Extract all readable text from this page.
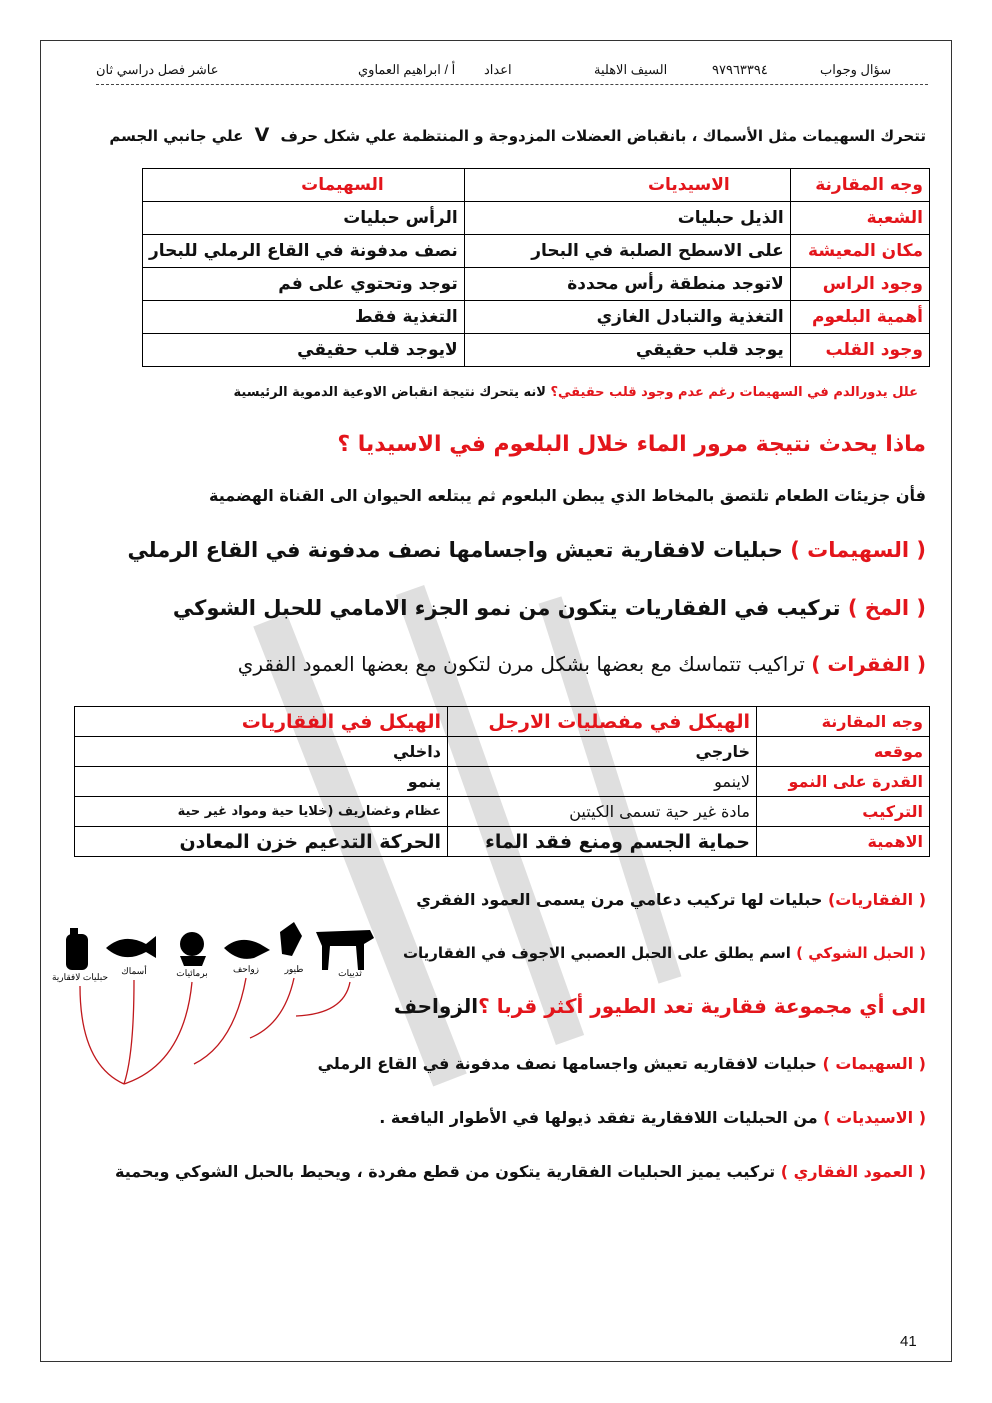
سؤال وجواب
٩٧٩٦٣٣٩٤
السيف الاهلية
اعداد
أ / ابراهيم العماوي
عاشر فصل دراسي ثان
تتحرك السهيمات مثل الأسماك ، بانقباض العضلات المزدوجة و المنتظمة علي شكل حرف V علي جانبي الجسم
وجه المقارنة	الاسيديات	السهيمات
الشعبة	الذيل حبليات	الرأس حبليات
مكان المعيشة	على الاسطح الصلبة في البحار	نصف مدفونة في القاع الرملي للبحار
وجود الراس	لاتوجد منطقة رأس محددة	توجد وتحتوي على فم
أهمية البلعوم	التغذية والتبادل الغازي	التغذية فقط
وجود القلب	يوجد قلب حقيقي	لايوجد قلب حقيقي
علل يدورالدم في السهيمات رغم عدم وجود قلب حقيقي؟ لانه يتحرك نتيجة انقباض الاوعية الدموية الرئيسية
ماذا يحدث نتيجة مرور الماء خلال البلعوم في الاسيديا ؟
فأن جزيئات الطعام تلتصق بالمخاط الذي يبطن البلعوم ثم يبتلعه الحيوان الى القناة الهضمية
( السهيمات ) حبليات لافقارية تعيش واجسامها نصف مدفونة في القاع الرملي
( المخ ) تركيب في الفقاريات يتكون من نمو الجزء الامامي للحبل الشوكي
( الفقرات ) تراكيب تتماسك مع بعضها بشكل مرن لتكون مع بعضها العمود الفقري
وجه المقارنة	الهيكل في مفصليات الارجل	الهيكل في الفقاريات
موقعه	خارجي	داخلي
القدرة على النمو	لاينمو	ينمو
التركيب	مادة غير حية تسمى الكيتين	عظام وغضاريف (خلايا حية ومواد غير حية
الاهمية	حماية الجسم ومنع فقد الماء	الحركة التدعيم خزن المعادن
( الفقاريات) حبليات لها تركيب دعامي مرن يسمى العمود الفقري
( الحبل الشوكي ) اسم يطلق على الحبل العصبي الاجوف في الفقاريات
حبليات لافقارية
أسماك	برمائيات	زواحف	طيور	ثدييات
الى أي مجموعة فقارية تعد الطيور أكثر قربا ؟الزواحف
( السهيمات ) حبليات لافقاريه تعيش واجسامها نصف مدفونة في القاع الرملي
( الاسيديات ) من الحبليات اللافقارية تفقد ذيولها في الأطوار اليافعة .
( العمود الفقاري ) تركيب يميز الحبليات الفقارية يتكون من قطع مفردة ، ويحيط بالحبل الشوكي ويحمية
41
